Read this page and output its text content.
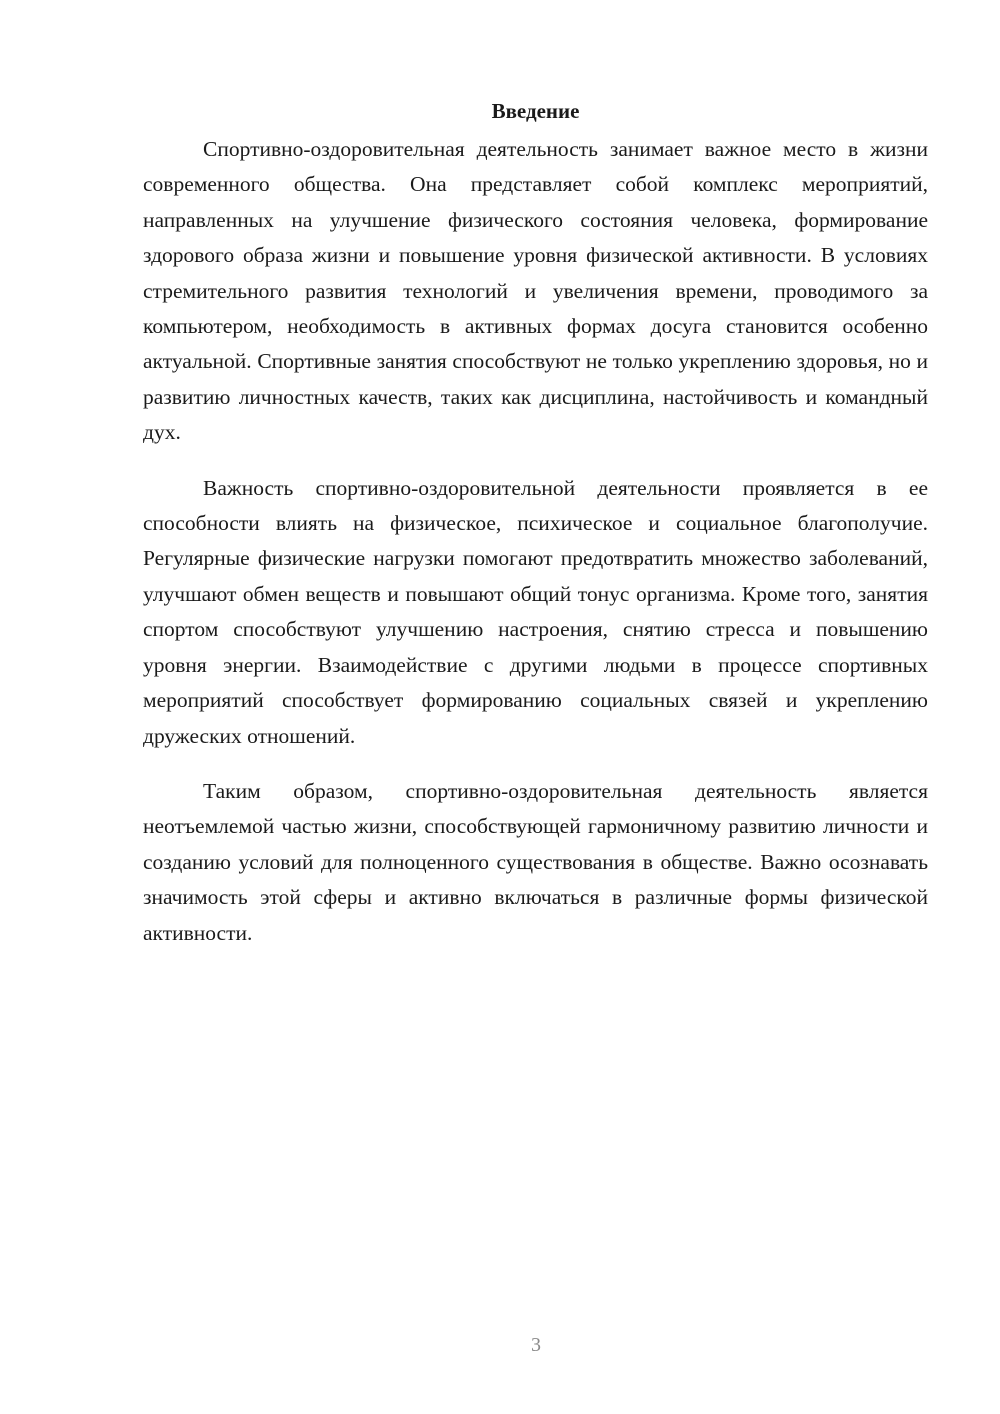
Введение

Спортивно-оздоровительная деятельность занимает важное место в жизни современного общества. Она представляет собой комплекс мероприятий, направленных на улучшение физического состояния человека, формирование здорового образа жизни и повышение уровня физической активности. В условиях стремительного развития технологий и увеличения времени, проводимого за компьютером, необходимость в активных формах досуга становится особенно актуальной. Спортивные занятия способствуют не только укреплению здоровья, но и развитию личностных качеств, таких как дисциплина, настойчивость и командный дух.

Важность спортивно-оздоровительной деятельности проявляется в ее способности влиять на физическое, психическое и социальное благополучие. Регулярные физические нагрузки помогают предотвратить множество заболеваний, улучшают обмен веществ и повышают общий тонус организма. Кроме того, занятия спортом способствуют улучшению настроения, снятию стресса и повышению уровня энергии. Взаимодействие с другими людьми в процессе спортивных мероприятий способствует формированию социальных связей и укреплению дружеских отношений.

Таким образом, спортивно-оздоровительная деятельность является неотъемлемой частью жизни, способствующей гармоничному развитию личности и созданию условий для полноценного существования в обществе. Важно осознавать значимость этой сферы и активно включаться в различные формы физической активности.

3
